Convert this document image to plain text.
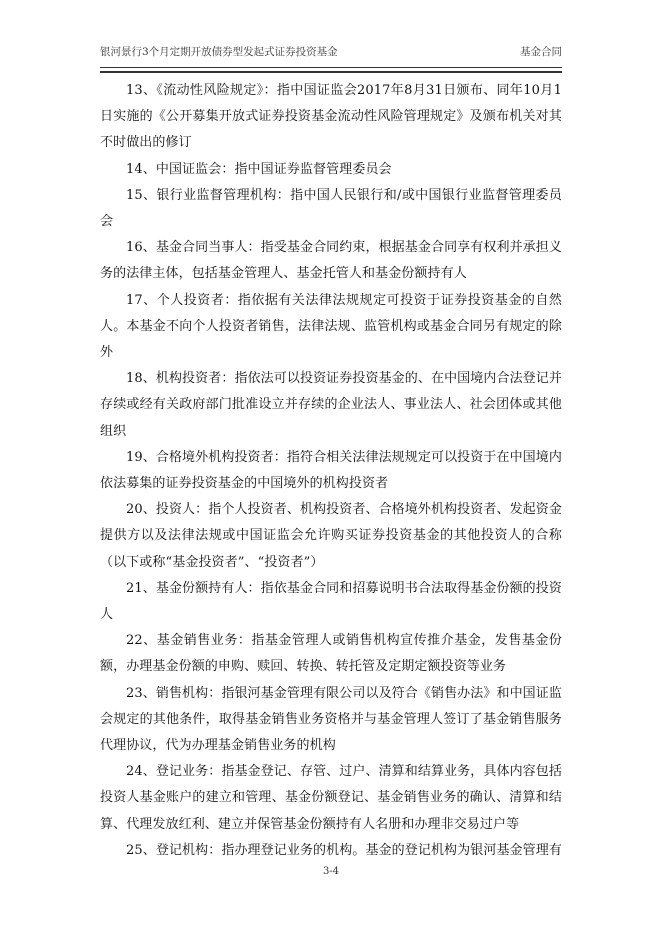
银河景行3个月定期开放债券型发起式证券投资基金	基金合同

13、《流动性风险规定》：指中国证监会2017年8月31日颁布、同年10月1日实施的《公开募集开放式证券投资基金流动性风险管理规定》及颁布机关对其不时做出的修订

14、中国证监会：指中国证券监督管理委员会

15、银行业监督管理机构：指中国人民银行和/或中国银行业监督管理委员会

16、基金合同当事人：指受基金合同约束，根据基金合同享有权利并承担义务的法律主体，包括基金管理人、基金托管人和基金份额持有人

17、个人投资者：指依据有关法律法规规定可投资于证券投资基金的自然人。本基金不向个人投资者销售，法律法规、监管机构或基金合同另有规定的除外

18、机构投资者：指依法可以投资证券投资基金的、在中国境内合法登记并存续或经有关政府部门批准设立并存续的企业法人、事业法人、社会团体或其他组织

19、合格境外机构投资者：指符合相关法律法规规定可以投资于在中国境内依法募集的证券投资基金的中国境外的机构投资者

20、投资人：指个人投资者、机构投资者、合格境外机构投资者、发起资金提供方以及法律法规或中国证监会允许购买证券投资基金的其他投资人的合称（以下或称“基金投资者”、“投资者”）

21、基金份额持有人：指依基金合同和招募说明书合法取得基金份额的投资人

22、基金销售业务：指基金管理人或销售机构宣传推介基金，发售基金份额，办理基金份额的申购、赎回、转换、转托管及定期定额投资等业务

23、销售机构：指银河基金管理有限公司以及符合《销售办法》和中国证监会规定的其他条件，取得基金销售业务资格并与基金管理人签订了基金销售服务代理协议，代为办理基金销售业务的机构

24、登记业务：指基金登记、存管、过户、清算和结算业务，具体内容包括投资人基金账户的建立和管理、基金份额登记、基金销售业务的确认、清算和结算、代理发放红利、建立并保管基金份额持有人名册和办理非交易过户等

25、登记机构：指办理登记业务的机构。基金的登记机构为银河基金管理有

3-4
